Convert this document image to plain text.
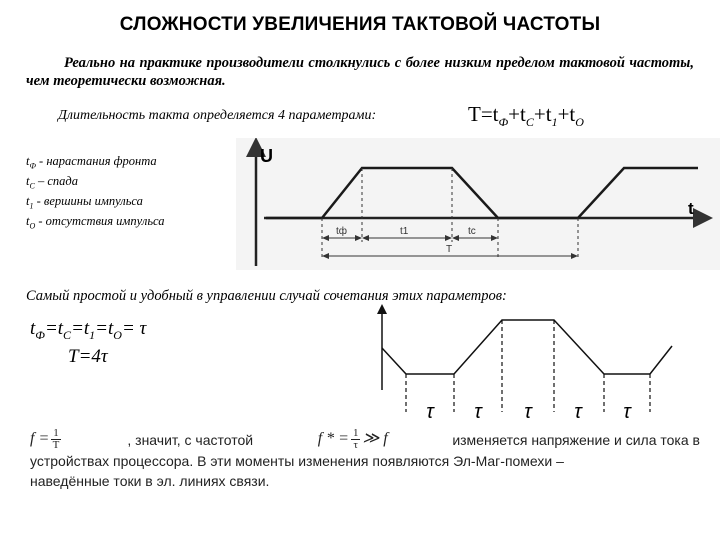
СЛОЖНОСТИ УВЕЛИЧЕНИЯ ТАКТОВОЙ ЧАСТОТЫ
Реально на практике производители столкнулись с более низким пределом тактовой частоты, чем теоретически возможная.
Длительность такта определяется 4 параметрами:	$T=t_Ф+t_C+t_1+t_O$
$t_Ф$ - нарастания фронта
$t_C$ – спада
$t_1$ - вершины импульса
$t_O$ - отсутствия импульса
U
t
tф	t1	tс
T
Самый простой и удобный в управлении случай сочетания этих параметров:
$t_Ф=t_C=t_1=t_O= \tau$
T=4τ
τ τ τ τ τ
$f = \frac{1}{T}$	, значит, с частотой	f * = $\frac{1}{\tau}$ ≫ f	изменяется напряжение и сила тока в
устройствах процессора. В эти моменты изменения появляются Эл-Маг-помехи –
наведённые токи в эл. линиях связи.
